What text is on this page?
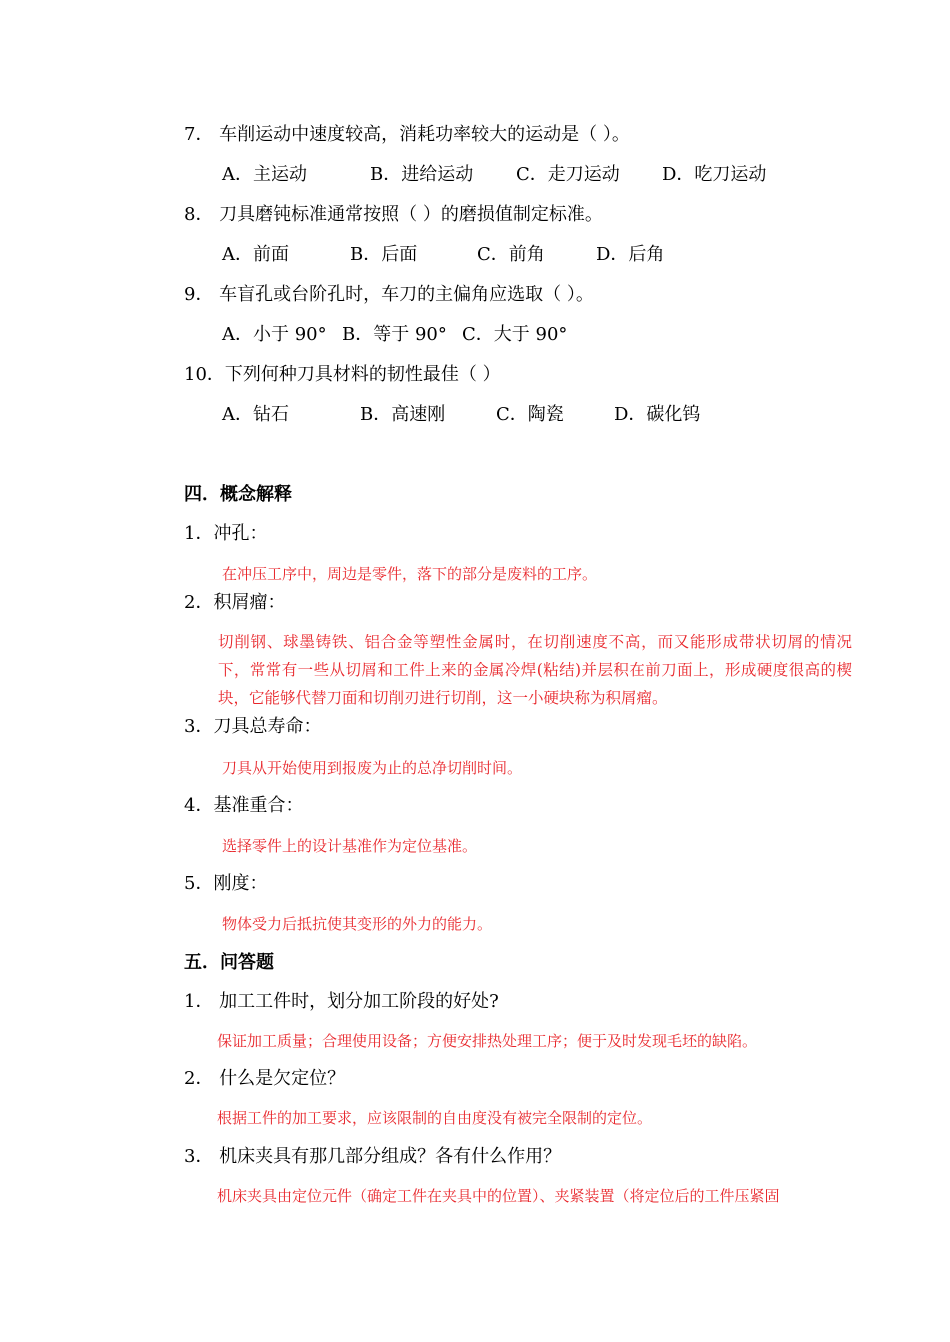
7． 车削运动中速度较高，消耗功率较大的运动是（ ）。
A．主运动	B．进给运动 C．走刀运动 D．吃刀运动
8． 刀具磨钝标准通常按照（ ）的磨损值制定标准。
A．前面	B．后面	C．前角	D．后角
9． 车盲孔或台阶孔时，车刀的主偏角应选取（ ）。
A．小于 90° B．等于 90° C．大于 90°
10．下列何种刀具材料的韧性最佳（ ）
A．钻石	B．高速刚	C．陶瓷	D．碳化钨
四．概念解释
1．冲孔：
在冲压工序中，周边是零件，落下的部分是废料的工序。
2．积屑瘤：
切削钢、球墨铸铁、铝合金等塑性金属时，在切削速度不高，而又能形成带状切屑的情况下，常常有一些从切屑和工件上来的金属冷焊(粘结)并层积在前刀面上，形成硬度很高的楔块，它能够代替刀面和切削刃进行切削，这一小硬块称为积屑瘤。
3．刀具总寿命：
刀具从开始使用到报废为止的总净切削时间。
4．基准重合：
选择零件上的设计基准作为定位基准。
5．刚度：
物体受力后抵抗使其变形的外力的能力。
五．问答题
1． 加工工件时，划分加工阶段的好处?
保证加工质量；合理使用设备；方便安排热处理工序；便于及时发现毛坯的缺陷。
2． 什么是欠定位？
根据工件的加工要求，应该限制的自由度没有被完全限制的定位。
3． 机床夹具有那几部分组成？各有什么作用？
机床夹具由定位元件（确定工件在夹具中的位置）、夹紧装置（将定位后的工件压紧固
